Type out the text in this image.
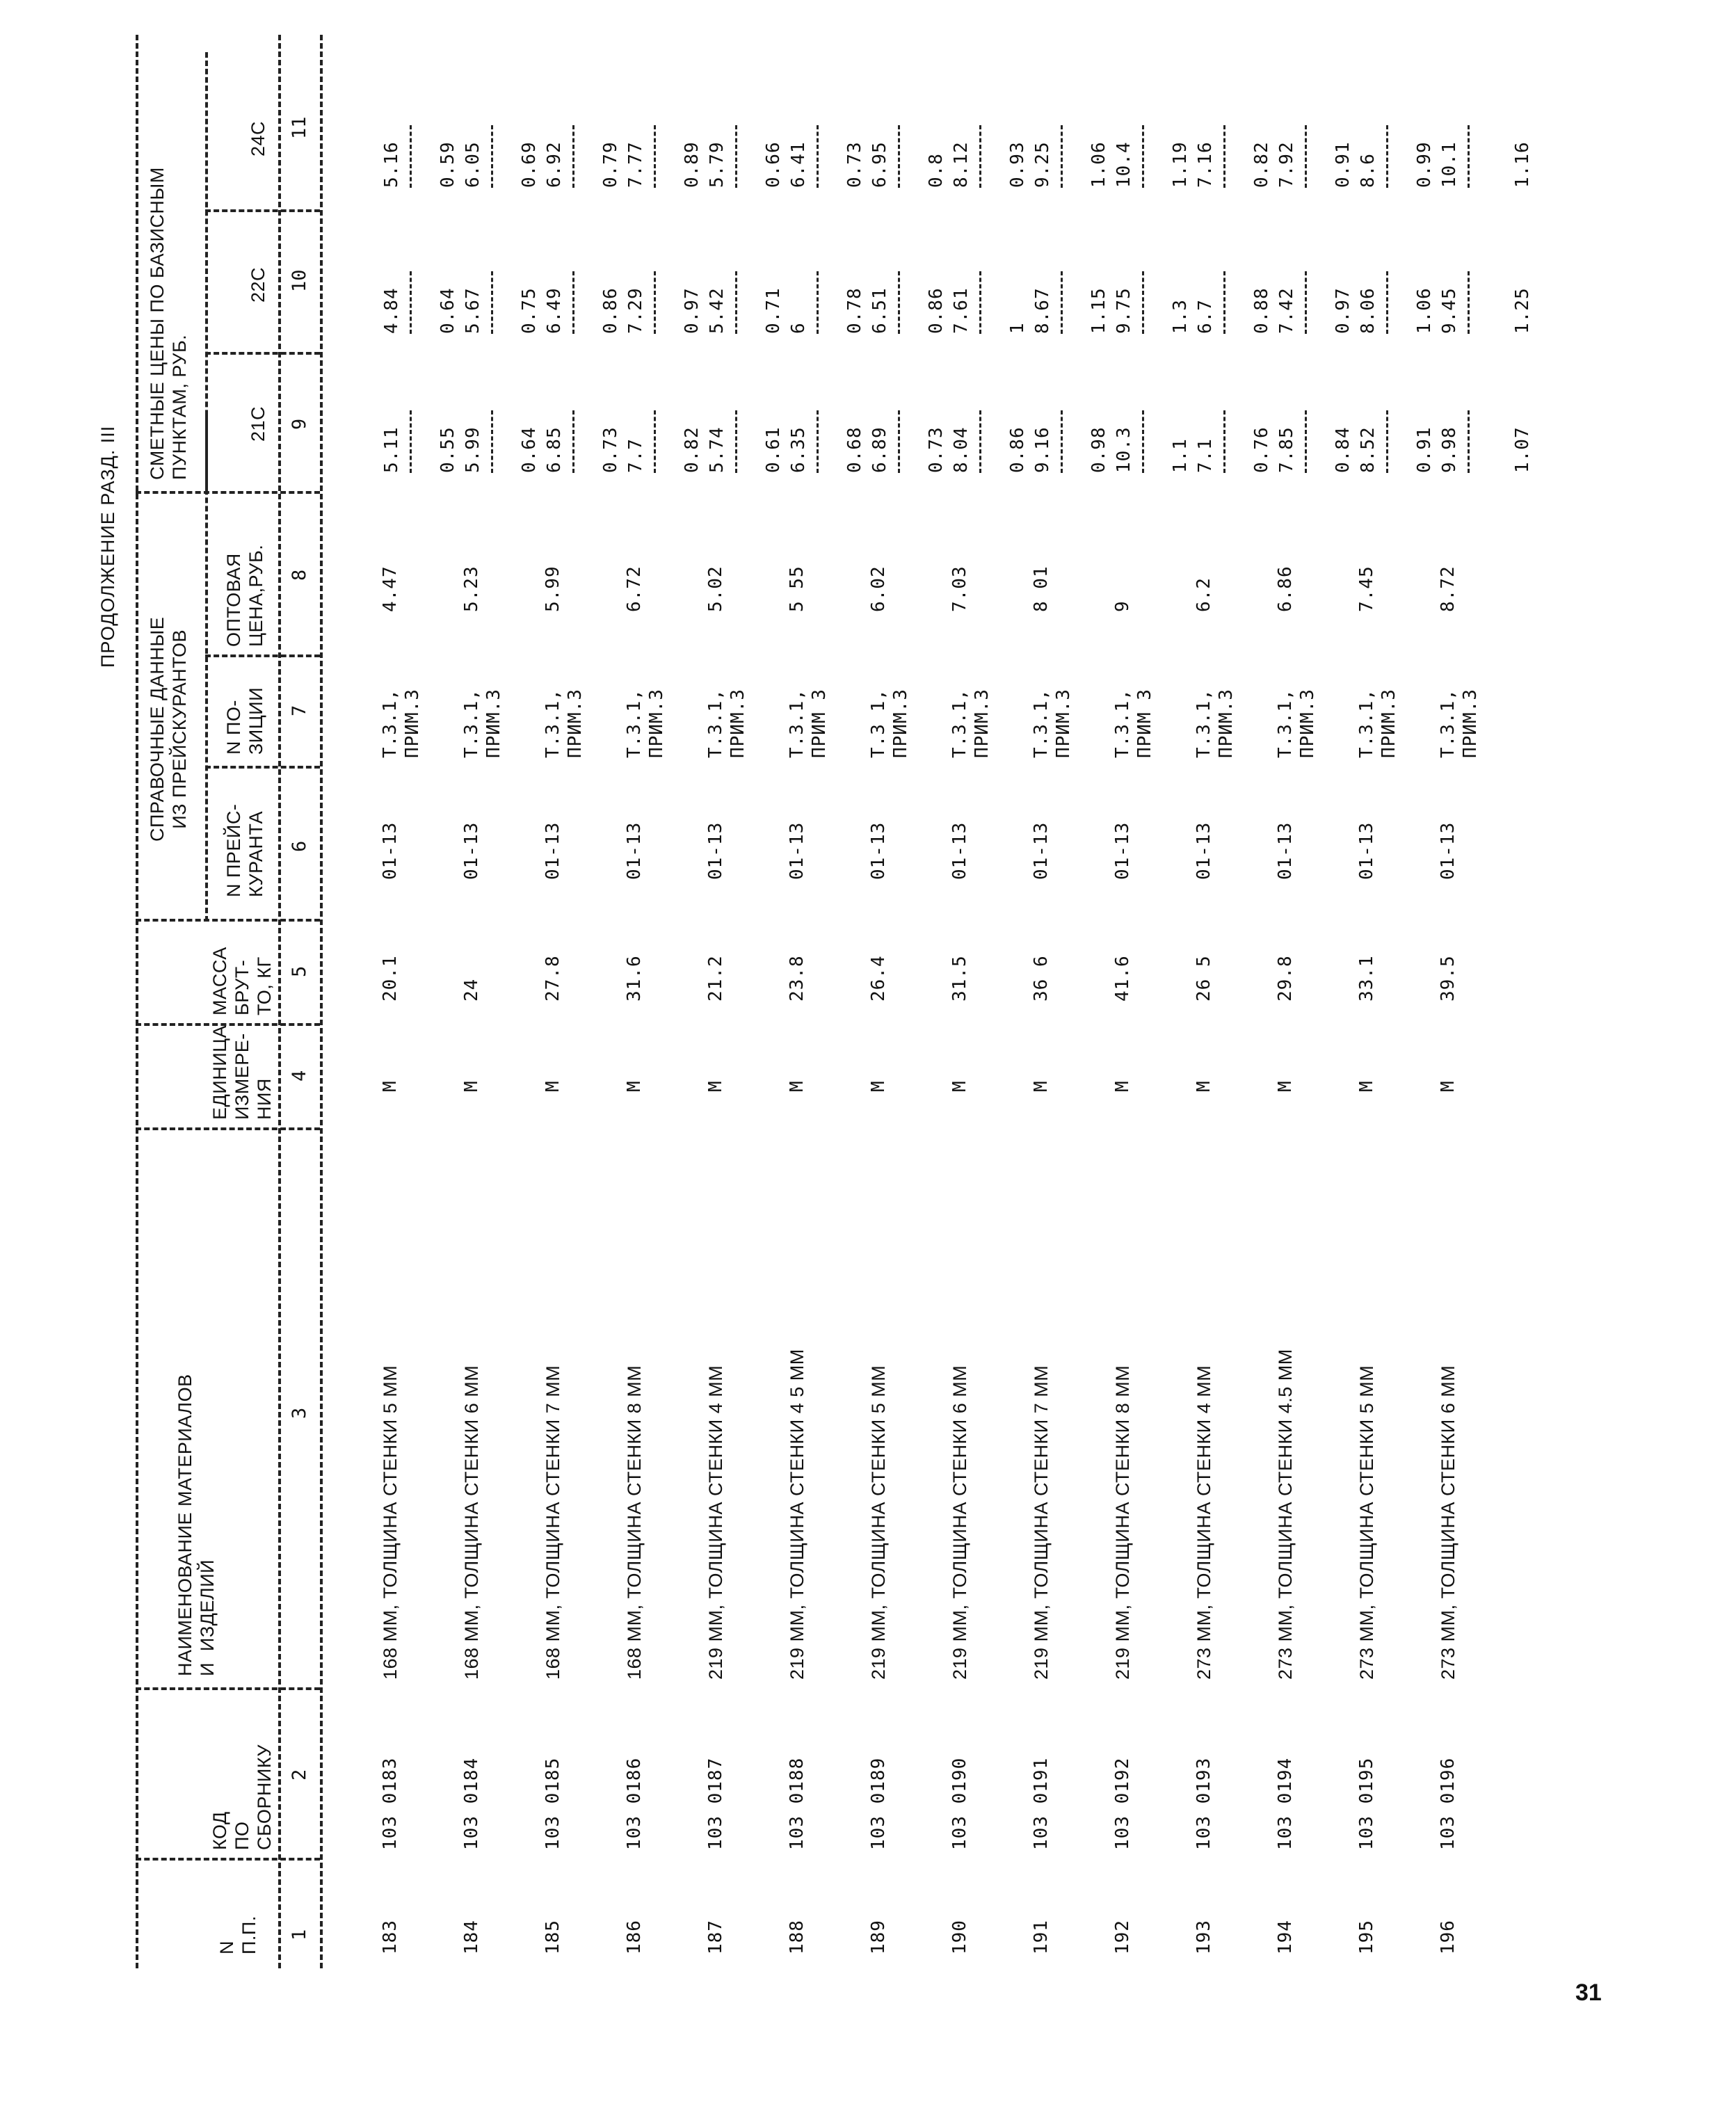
ПРОДОЛЖЕНИЕ РАЗД. III
N
П.П.
КОД
ПО
СБОРНИКУ
НАИМЕНОВАНИЕ МАТЕРИАЛОВ
И  ИЗДЕЛИЙ
ЕДИНИЦА
ИЗМЕРЕ-
НИЯ
МАССА
БРУТ-
ТО, КГ
СПРАВОЧНЫЕ ДАННЫЕ
ИЗ ПРЕЙСКУРАНТОВ
N ПРЕЙС-
КУРАНТА
N ПО-
ЗИЦИИ
ОПТОВАЯ
ЦЕНА,РУБ.
СМЕТНЫЕ ЦЕНЫ ПО БАЗИСНЫМ
ПУНКТАМ, РУБ.
21С
22С
24С
1
2
3
4
5
6
7
8
9
10
11
183
103 0183
168 ММ, ТОЛЩИНА СТЕНКИ 5 ММ
М
20.1
01-13
Т.3.1,
ПРИМ.3
4.47
5.11
4.84
5.16
184
103 0184
168 ММ, ТОЛЩИНА СТЕНКИ 6 ММ
М
24
01-13
Т.3.1,
ПРИМ.3
5.23
0.55
5.99
0.64
5.67
0.59
6.05
185
103 0185
168 ММ, ТОЛЩИНА СТЕНКИ 7 ММ
М
27.8
01-13
Т.3.1,
ПРИМ.3
5.99
0.64
6.85
0.75
6.49
0.69
6.92
186
103 0186
168 ММ, ТОЛЩИНА СТЕНКИ 8 ММ
М
31.6
01-13
Т.3.1,
ПРИМ.3
6.72
0.73
7.7
0.86
7.29
0.79
7.77
187
103 0187
219 ММ, ТОЛЩИНА СТЕНКИ 4 ММ
М
21.2
01-13
Т.3.1,
ПРИМ.3
5.02
0.82
5.74
0.97
5.42
0.89
5.79
188
103 0188
219 ММ, ТОЛЩИНА СТЕНКИ 4 5 ММ
М
23.8
01-13
Т.3.1,
ПРИМ 3
5 55
0.61
6.35
0.71
6
0.66
6.41
189
103 0189
219 ММ, ТОЛЩИНА СТЕНКИ 5 ММ
М
26.4
01-13
Т.3 1,
ПРИМ.3
6.02
0.68
6.89
0.78
6.51
0.73
6.95
190
103 0190
219 ММ, ТОЛЩИНА СТЕНКИ 6 ММ
М
31.5
01-13
Т.3.1,
ПРИМ.3
7.03
0.73
8.04
0.86
7.61
0.8
8.12
191
103 0191
219 ММ, ТОЛЩИНА СТЕНКИ 7 ММ
М
36 6
01-13
Т.3.1,
ПРИМ.3
8 01
0.86
9.16
1
8.67
0.93
9.25
192
103 0192
219 ММ, ТОЛЩИНА СТЕНКИ 8 ММ
М
41.6
01-13
Т.3.1,
ПРИМ 3
9
0.98
10.3
1.15
9.75
1.06
10.4
193
103 0193
273 ММ, ТОЛЩИНА СТЕНКИ 4 ММ
М
26 5
01-13
Т.3.1,
ПРИМ.3
6.2
1.1
7.1
1.3
6.7
1.19
7.16
194
103 0194
273 ММ, ТОЛЩИНА СТЕНКИ 4.5 ММ
М
29.8
01-13
Т.3.1,
ПРИМ.3
6.86
0.76
7.85
0.88
7.42
0.82
7.92
195
103 0195
273 ММ, ТОЛЩИНА СТЕНКИ 5 ММ
М
33.1
01-13
Т.3.1,
ПРИМ.3
7.45
0.84
8.52
0.97
8.06
0.91
8.6
196
103 0196
273 ММ, ТОЛЩИНА СТЕНКИ 6 ММ
М
39.5
01-13
Т.3.1,
ПРИМ.3
8.72
0.91
9.98
1.06
9.45
0.99
10.1
1.07
1.25
1.16
31
